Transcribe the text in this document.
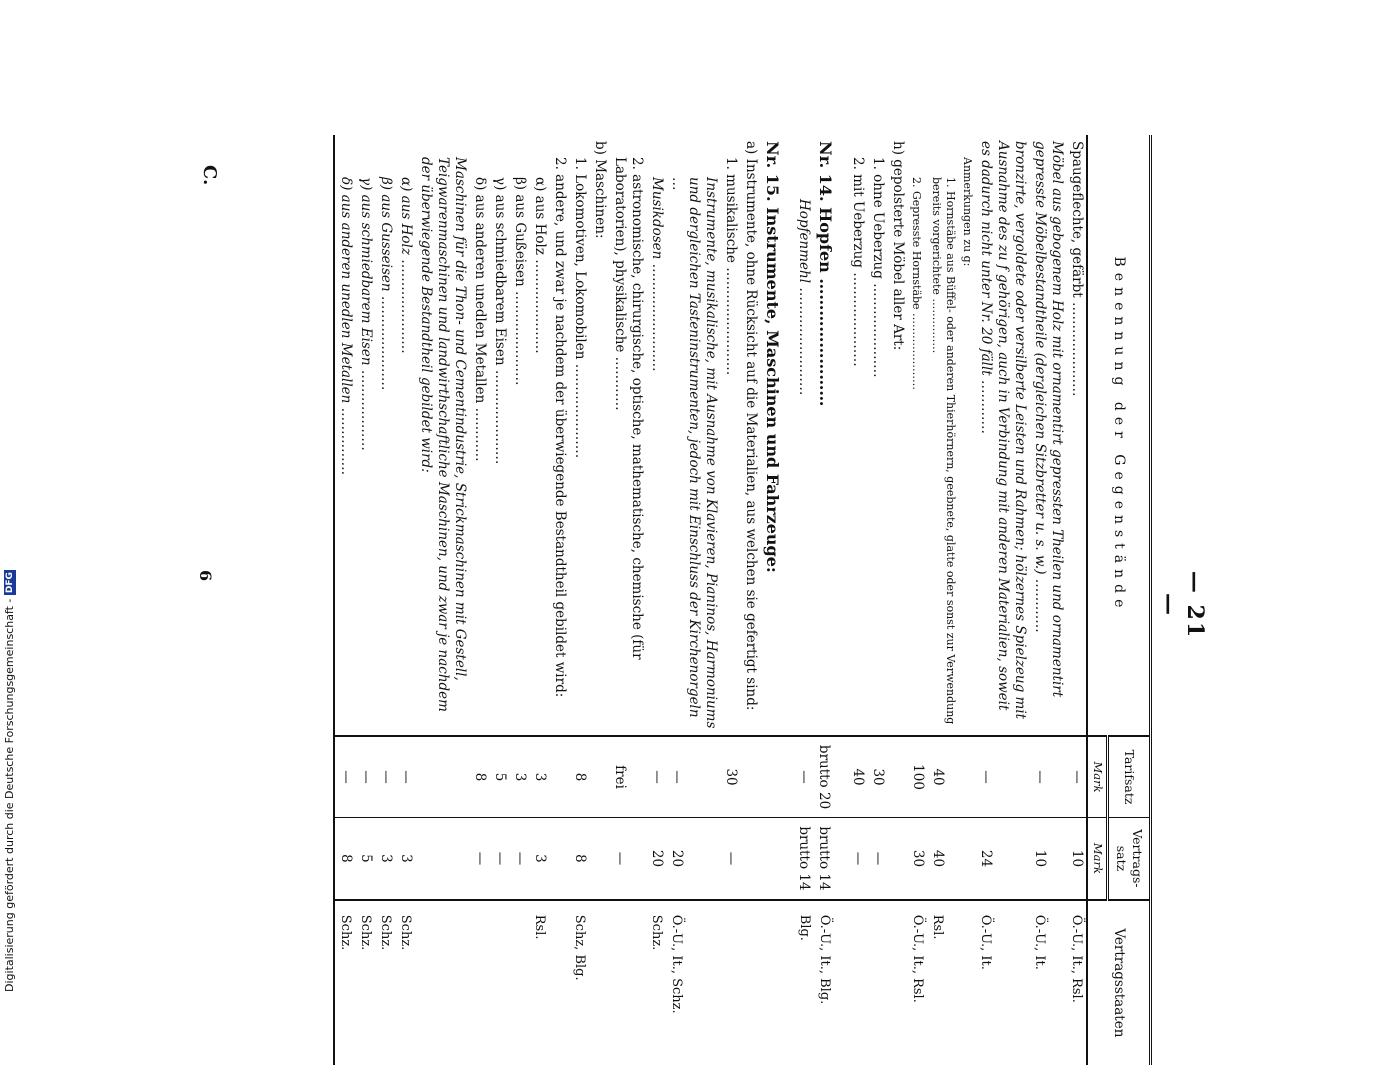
— 21 —
Benennung der Gegenstände	Tarifsatz	Vertrags-satz	Vertragsstaaten
	Mark	Mark	
Spaugeflechte, gefärbt …………………	—	10	Ö.-U., It., Rsl.
Möbel aus gebogenem Holz mit ornamentirt gepressten Theilen und ornamentirt gepresste Möbelbestandtheile (dergleichen Sitzbretter u. s. w.) …………	—	10	Ö.-U., It.
bronzirte, vergoldete oder versilberte Leisten und Rahmen; hölzernes Spielzeug mit Ausnahme des zu f gehörigen, auch in Verbindung mit anderen Materialien, soweit es dadurch nicht unter Nr. 20 fällt …………	—	24	Ö.-U., It.
Anmerkungen zu g:			
1. Hornstäbe aus Büffel- oder anderen Thierhörnern, geebnete, glatte oder sonst zur Verwendung bereits vorgerichtete ……………	40	40	Rsl.
2. Gepresste Hornstäbe …………………	100	30	Ö.-U., It., Rsl.
h) gepolsterte Möbel aller Art:			
1. ohne Ueberzug …………………	30	—	
2. mit Ueberzug …………………	40	—	
Nr. 14. Hopfen ……………………	brutto 20	brutto 14	Ö.-U., It., Blg.
Hopfenmehl ……………………	—	brutto 14	Blg.
Nr. 15. Instrumente, Maschinen und Fahrzeuge:			
a) Instrumente, ohne Rücksicht auf die Materialien, aus welchen sie gefertigt sind:			
1. musikalische ……………………	30	—	
Instrumente, musikalische, mit Ausnahme von Klavieren, Pianinos, Harmoniums und dergleichen Tasteninstrumenten, jedoch mit Einschluss der Kirchenorgeln …	—	20	Ö.-U., It., Schz.
Musikdosen ……………………	—	20	Schz.
2. astronomische, chirurgische, optische, mathematische, chemische (für Laboratorien), physikalische …………	frei	—	
b) Maschinen:			
1. Lokomotiven, Lokomobilen …………………	8	8	Schz, Blg.
2. andere, und zwar je nachdem der überwiegende Bestandtheil gebildet wird:			
α) aus Holz …………………	3	3	Rsl.
β) aus Gußeisen …………………	3	—	
γ) aus schmiedbarem Eisen …………………	5	—	
δ) aus anderen unedlen Metallen …………	8	—	
Maschinen für die Thon- und Cementindustrie, Strickmaschinen mit Gestell, Teigwarenmaschinen und landwirthschaftliche Maschinen, und zwar je nachdem der überwiegende Bestandtheil gebildet wird:			
α) aus Holz …………………	—	3	Schz.
β) aus Gusseisen …………………	—	3	Schz.
γ) aus schmiedbarem Eisen ………………	—	5	Schz.
δ) aus anderen unedlen Metallen ……………	—	8	Schz.
C.
6
Digitalisierung gefördert durch die Deutsche Forschungsgemeinschaft - DFG
